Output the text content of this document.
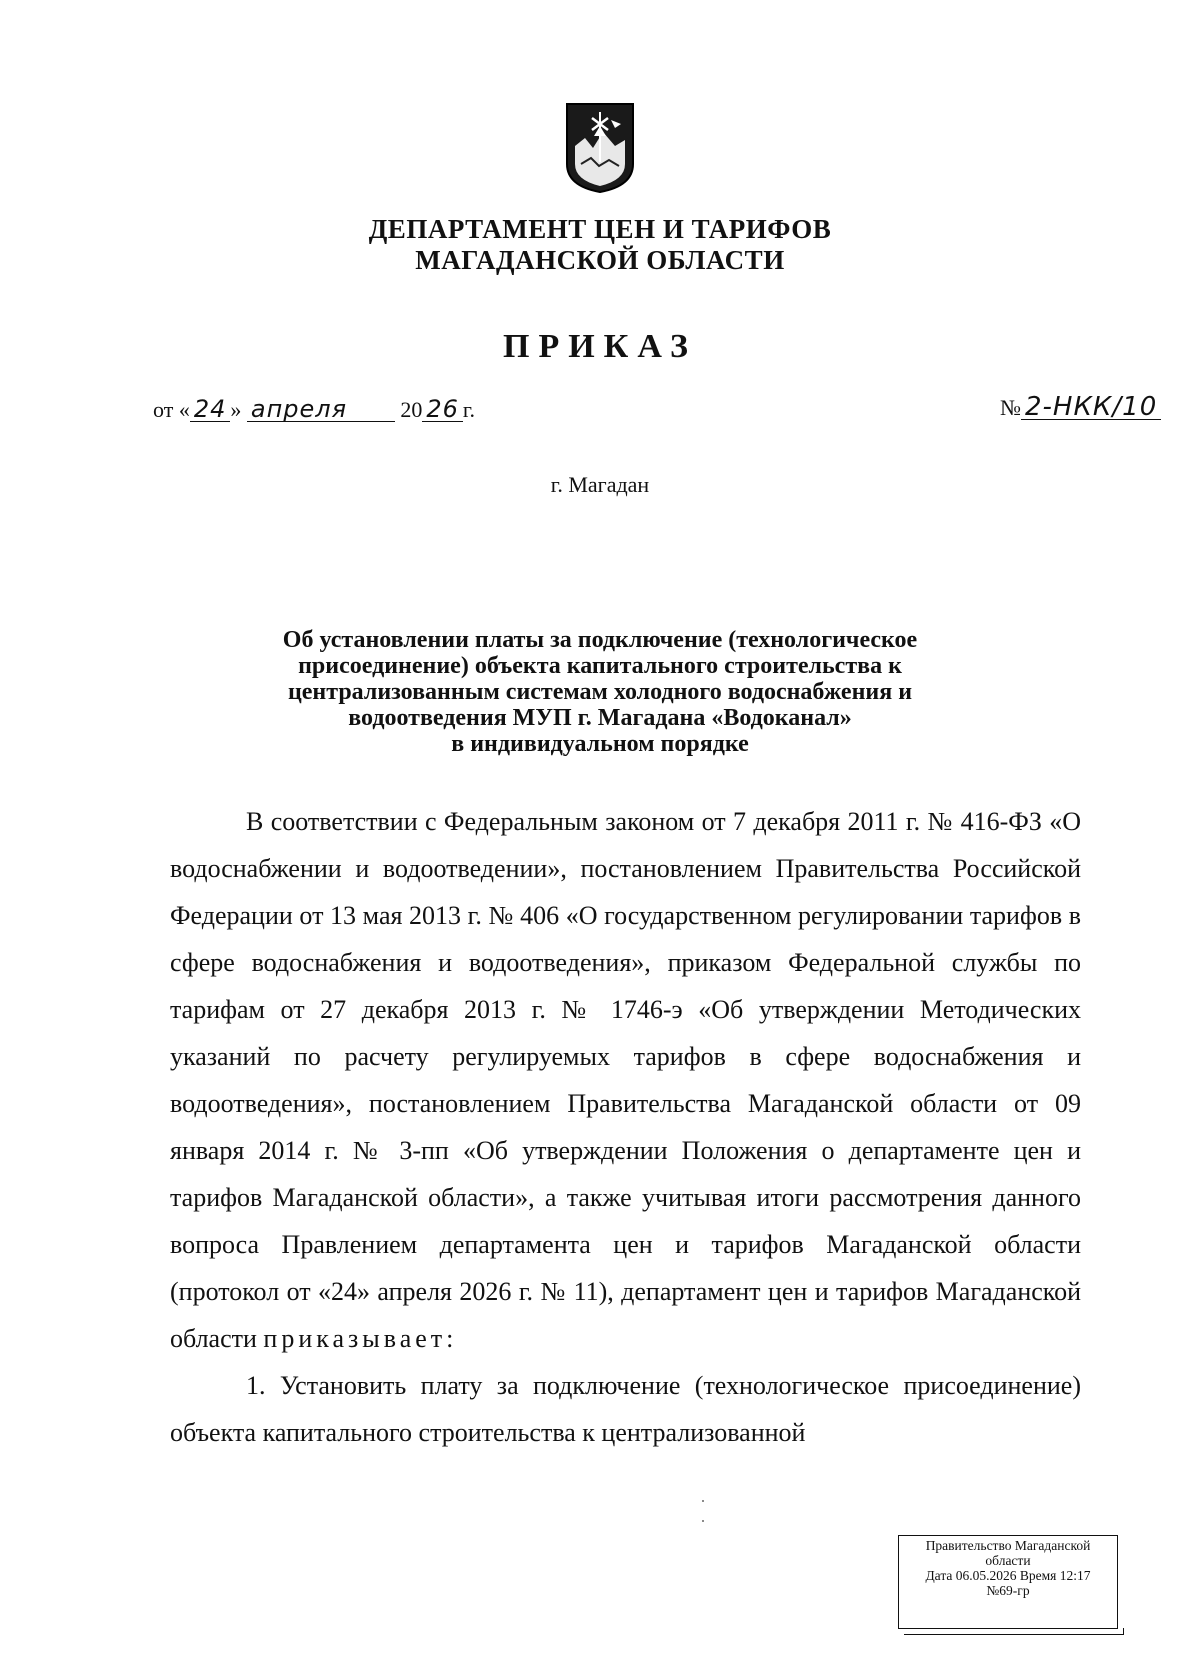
ДЕПАРТАМЕНТ ЦЕН И ТАРИФОВ
МАГАДАНСКОЙ ОБЛАСТИ
ПРИКАЗ
от « 24 » апреля 20 26 г.	№ 2-НКК/10
г. Магадан
Об установлении платы за подключение (технологическое
присоединение) объекта капитального строительства к
централизованным системам холодного водоснабжения и
водоотведения МУП г. Магадана «Водоканал»
в индивидуальном порядке

В соответствии с Федеральным законом от 7 декабря 2011 г. № 416-ФЗ «О водоснабжении и водоотведении», постановлением Правительства Российской Федерации от 13 мая 2013 г. № 406 «О государственном регулировании тарифов в сфере водоснабжения и водоотведения», приказом Федеральной службы по тарифам от 27 декабря 2013 г. № 1746-э «Об утверждении Методических указаний по расчету регулируемых тарифов в сфере водоснабжения и водоотведения», постановлением Правительства Магаданской области от 09 января 2014 г. № 3-пп «Об утверждении Положения о департаменте цен и тарифов Магаданской области», а также учитывая итоги рассмотрения данного вопроса Правлением департамента цен и тарифов Магаданской области (протокол от «24» апреля 2026 г. № 11), департамент цен и тарифов Магаданской области приказывает:

1. Установить плату за подключение (технологическое присоединение) объекта капитального строительства к централизованной

Правительство Магаданской
области
Дата 06.05.2026 Время 12:17
№69-гр
